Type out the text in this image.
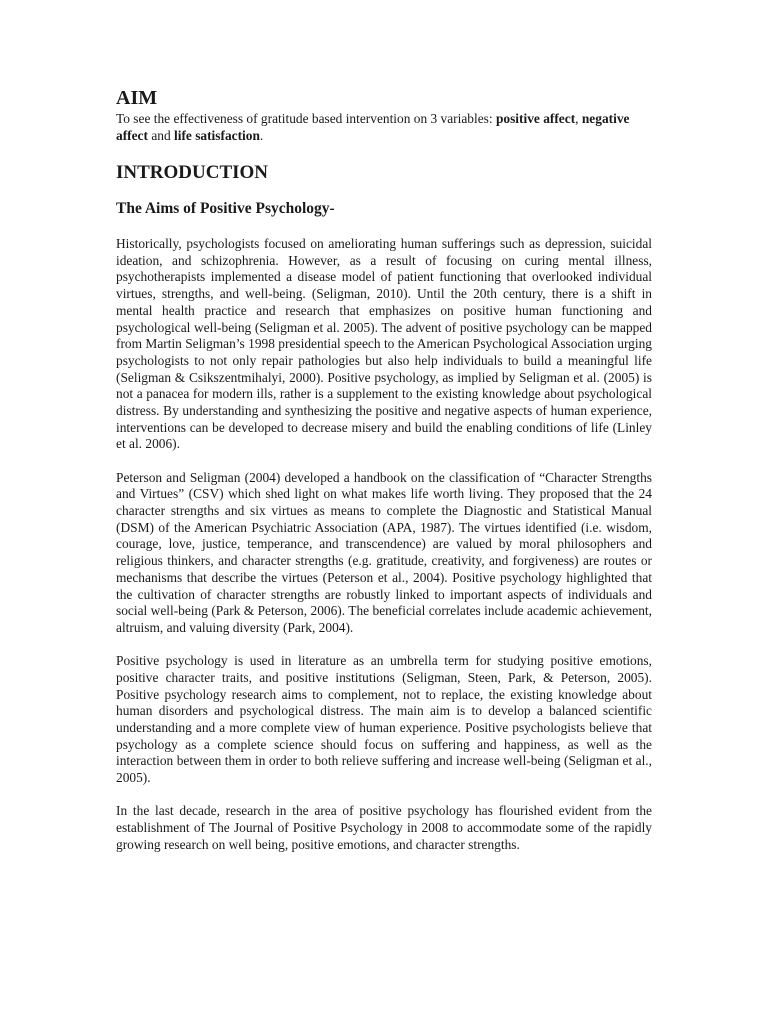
AIM

To see the effectiveness of gratitude based intervention on 3 variables: positive affect, negative affect and life satisfaction.

INTRODUCTION
The Aims of Positive Psychology-

Historically, psychologists focused on ameliorating human sufferings such as depression, suicidal ideation, and schizophrenia. However, as a result of focusing on curing mental illness, psychotherapists implemented a disease model of patient functioning that overlooked individual virtues, strengths, and well-being. (Seligman, 2010). Until the 20th century, there is a shift in mental health practice and research that emphasizes on positive human functioning and psychological well-being (Seligman et al. 2005). The advent of positive psychology can be mapped from Martin Seligman’s 1998 presidential speech to the American Psychological Association urging psychologists to not only repair pathologies but also help individuals to build a meaningful life (Seligman & Csikszentmihalyi, 2000). Positive psychology, as implied by Seligman et al. (2005) is not a panacea for modern ills, rather is a supplement to the existing knowledge about psychological distress. By understanding and synthesizing the positive and negative aspects of human experience, interventions can be developed to decrease misery and build the enabling conditions of life (Linley et al. 2006).

Peterson and Seligman (2004) developed a handbook on the classification of “Character Strengths and Virtues” (CSV) which shed light on what makes life worth living. They proposed that the 24 character strengths and six virtues as means to complete the Diagnostic and Statistical Manual (DSM) of the American Psychiatric Association (APA, 1987). The virtues identified (i.e. wisdom, courage, love, justice, temperance, and transcendence) are valued by moral philosophers and religious thinkers, and character strengths (e.g. gratitude, creativity, and forgiveness) are routes or mechanisms that describe the virtues (Peterson et al., 2004). Positive psychology highlighted that the cultivation of character strengths are robustly linked to important aspects of individuals and social well-being (Park & Peterson, 2006). The beneficial correlates include academic achievement, altruism, and valuing diversity (Park, 2004).

Positive psychology is used in literature as an umbrella term for studying positive emotions, positive character traits, and positive institutions (Seligman, Steen, Park, & Peterson, 2005). Positive psychology research aims to complement, not to replace, the existing knowledge about human disorders and psychological distress. The main aim is to develop a balanced scientific understanding and a more complete view of human experience. Positive psychologists believe that psychology as a complete science should focus on suffering and happiness, as well as the interaction between them in order to both relieve suffering and increase well-being (Seligman et al., 2005).

In the last decade, research in the area of positive psychology has flourished evident from the establishment of The Journal of Positive Psychology in 2008 to accommodate some of the rapidly growing research on well being, positive emotions, and character strengths.
